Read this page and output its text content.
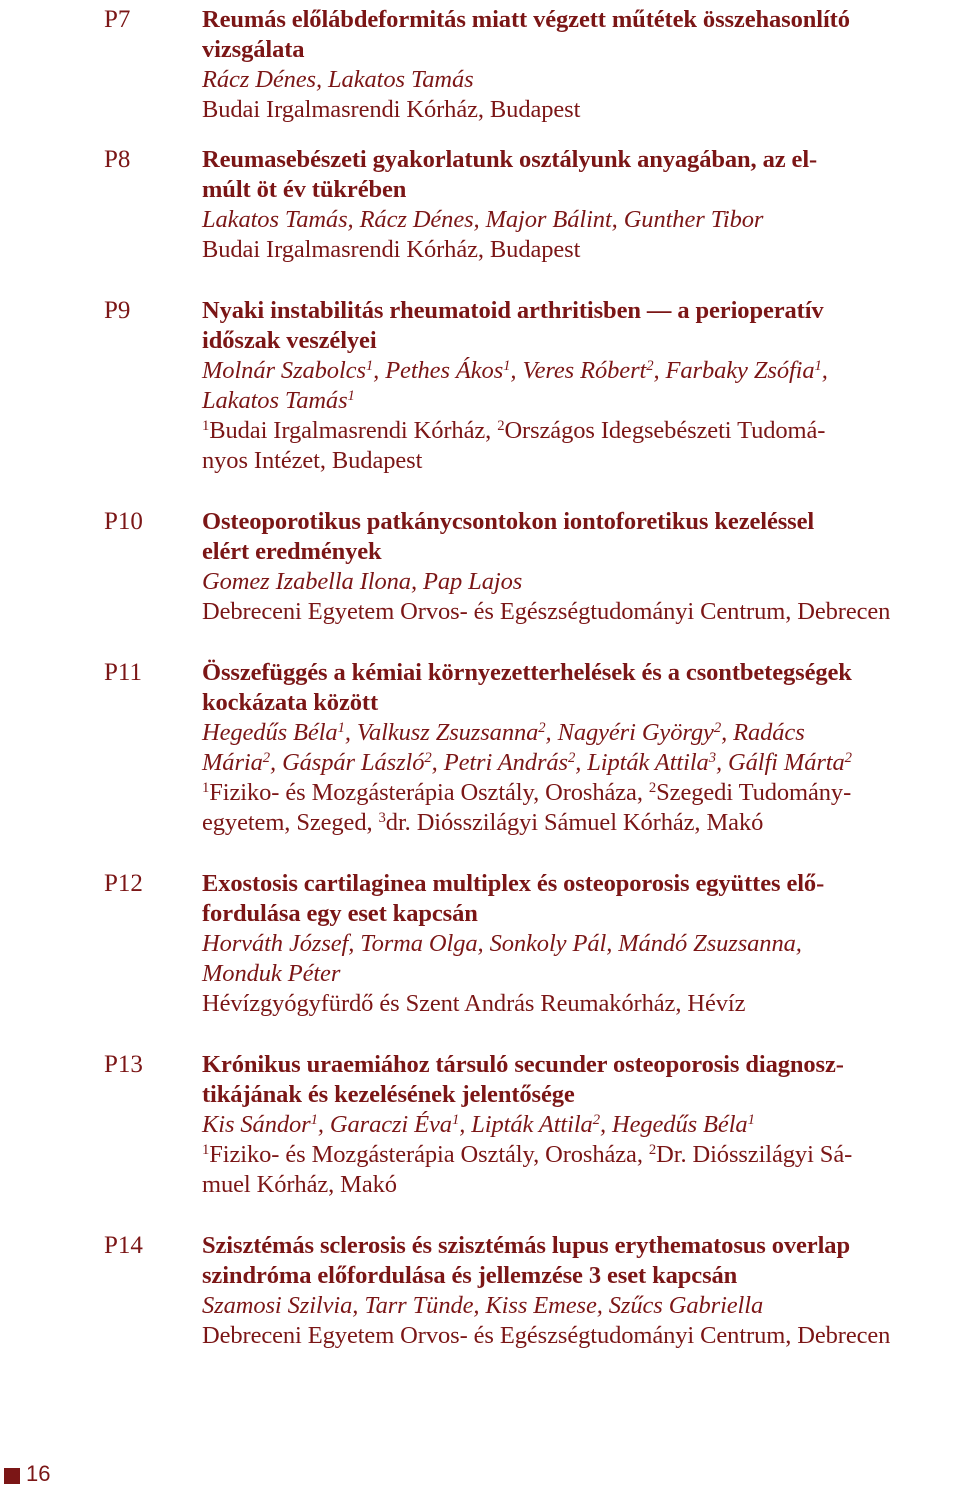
P7	Reumás előlábdeformitás miatt végzett műtétek összehasonlító
vizsgálata
Rácz Dénes, Lakatos Tamás
Budai Irgalmasrendi Kórház, Budapest
P8	Reumasebészeti gyakorlatunk osztályunk anyagában, az el-
múlt öt év tükrében
Lakatos Tamás, Rácz Dénes, Major Bálint, Gunther Tibor
Budai Irgalmasrendi Kórház, Budapest
P9	Nyaki instabilitás rheumatoid arthritisben — a perioperatív
időszak veszélyei
Molnár Szabolcs$^1$, Pethes Ákos$^1$, Veres Róbert$^2$, Farbaky Zsófia$^1$,
Lakatos Tamás$^1$
$^1$Budai Irgalmasrendi Kórház, $^2$Országos Idegsebészeti Tudomá-
nyos Intézet, Budapest
P10 Osteoporotikus patkánycsontokon iontoforetikus kezeléssel
elért eredmények
Gomez Izabella Ilona, Pap Lajos
Debreceni Egyetem Orvos- és Egészségtudományi Centrum, Debrecen
P11 Összefüggés a kémiai környezetterhelések és a csontbetegségek
kockázata között
Hegedűs Béla$^1$, Valkusz Zsuzsanna$^2$, Nagyéri György$^2$, Radács
Mária$^2$, Gáspár László$^2$, Petri András$^2$, Lipták Attila$^3$, Gálfi Márta$^2$
$^1$Fiziko- és Mozgásterápia Osztály, Orosháza, $^2$Szegedi Tudomány-
egyetem, Szeged, $^3$dr. Diósszilágyi Sámuel Kórház, Makó
P12 Exostosis cartilaginea multiplex és osteoporosis együttes elő-
fordulása egy eset kapcsán
Horváth József, Torma Olga, Sonkoly Pál, Mándó Zsuzsanna,
Monduk Péter
Hévízgyógyfürdő és Szent András Reumakórház, Hévíz
P13 Krónikus uraemiához társuló secunder osteoporosis diagnosz-
tikájának és kezelésének jelentősége
Kis Sándor$^1$, Garaczi Éva$^1$, Lipták Attila$^2$, Hegedűs Béla$^1$
$^1$Fiziko- és Mozgásterápia Osztály, Orosháza, $^2$Dr. Diósszilágyi Sá-
muel Kórház, Makó
P14 Szisztémás sclerosis és szisztémás lupus erythematosus overlap
szindróma előfordulása és jellemzése 3 eset kapcsán
Szamosi Szilvia, Tarr Tünde, Kiss Emese, Szűcs Gabriella
Debreceni Egyetem Orvos- és Egészségtudományi Centrum, Debrecen
16
